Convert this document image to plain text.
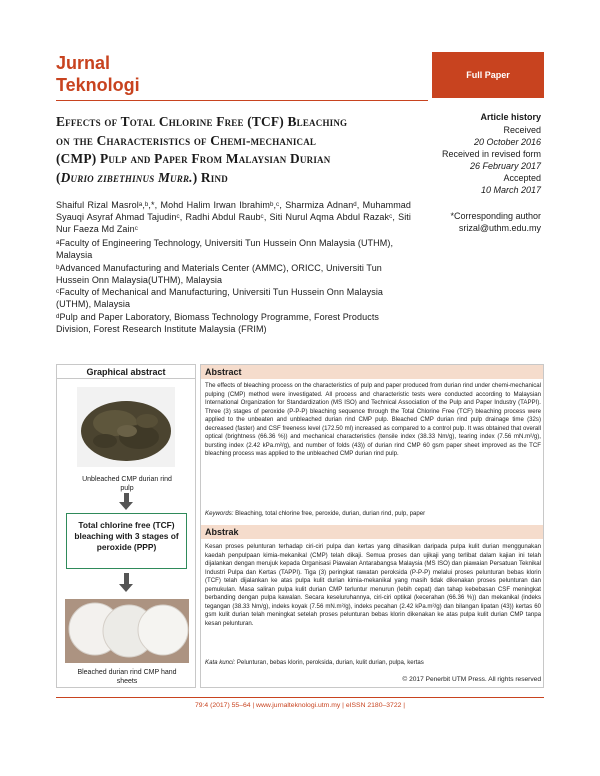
Jurnal
Teknologi	Full Paper
Effects of Total Chlorine Free (TCF) Bleaching
on the Characteristics of Chemi-mechanical
(CMP) Pulp and Paper From Malaysian Durian
(Durio zibethinus Murr.) Rind
Article history
Received
20 October 2016
Received in revised form
26 February 2017
Accepted
10 March 2017
*Corresponding author
srizal@uthm.edu.my
Shaiful Rizal Masrolᵃ,ᵇ,*, Mohd Halim Irwan Ibrahimᵇ,ᶜ, Sharmiza Adnanᵈ, Muhammad Syauqi Asyraf Ahmad Tajudinᶜ, Radhi Abdul Raubᶜ, Siti Nurul Aqma Abdul Razakᶜ, Siti Nur Faeza Md Zainᶜ
ᵃFaculty of Engineering Technology, Universiti Tun Hussein Onn Malaysia (UTHM), Malaysia
ᵇAdvanced Manufacturing and Materials Center (AMMC), ORICC, Universiti Tun Hussein Onn Malaysia(UTHM), Malaysia
ᶜFaculty of Mechanical and Manufacturing, Universiti Tun Hussein Onn Malaysia (UTHM), Malaysia
ᵈPulp and Paper Laboratory, Biomass Technology Programme, Forest Products Division, Forest Research Institute Malaysia (FRIM)
Graphical abstract
Unbleached CMP durian rind pulp
Total chlorine free (TCF) bleaching with 3 stages of peroxide (PPP)
Bleached durian rind CMP hand sheets
Abstract
The effects of bleaching process on the characteristics of pulp and paper produced from durian rind under chemi-mechanical pulping (CMP) method were investigated. All process and characteristic tests were conducted according to Malaysian International Organization for Standardization (MS ISO) and Technical Association of the Pulp and Paper Industry (TAPPI). Three (3) stages of peroxide (P-P-P) bleaching sequence through the Total Chlorine Free (TCF) bleaching process were applied to the unbeaten and unbleached durian rind CMP pulp. Bleached CMP durian rind pulp drainage time (32s) decreased (faster) and CSF freeness level (172.50 ml) increased as compared to a control pulp. It was obtained that overall optical (brightness (66.36 %)) and mechanical characteristics (tensile index (38.33 Nm/g), tearing index (7.56 mN.m²/g), bursting index (2.42 kPa.m²/g), and number of folds (43)) of durian rind CMP 60 gsm paper sheet improved as the TCF bleaching process was applied to the unbleached CMP durian rind pulp.
Keywords: Bleaching, total chlorine free, peroxide, durian, durian rind, pulp, paper
Abstrak
Kesan proses pelunturan terhadap ciri-ciri pulpa dan kertas yang dihasilkan daripada pulpa kulit durian menggunakan kaedah penpulpaan kimia-mekanikal (CMP) telah dikaji. Semua proses dan ujikaji yang terlibat dalam kajian ini telah dijalankan dengan merujuk kepada Organisasi Piawaian Antarabangsa Malaysia (MS ISO) dan piawaian Persatuan Teknikal Industri Pulpa dan Kertas (TAPPI). Tiga (3) peringkat rawatan peroksida (P-P-P) melalui proses pelunturan bebas klorin (TCF) telah dijalankan ke atas pulpa kulit durian kimia-mekanikal yang masih tidak dikenakan proses pelunturan dan pemukulan. Masa saliran pulpa kulit durian CMP terluntur menurun (lebih cepat) dan tahap kebebasan CSF meningkat berbanding dengan pulpa kawalan. Secara keseluruhannya, ciri-ciri optikal (kecerahan (66.36 %)) dan mekanikal (indeks tegangan (38.33 Nm/g), indeks koyak (7.56 mN.m²/g), indeks pecahan (2.42 kPa.m²/g) dan bilangan lipatan (43)) kertas 60 gsm kulit durian telah meningkat setelah proses pelunturan bebas klorin dikenakan ke atas pulpa kulit durian CMP tanpa kesan pelunturan.
Kata kunci: Pelunturan, bebas klorin, peroksida, durian, kulit durian, pulpa, kertas
© 2017 Penerbit UTM Press. All rights reserved
79:4 (2017) 55–64 | www.jurnalteknologi.utm.my | eISSN 2180–3722 |
